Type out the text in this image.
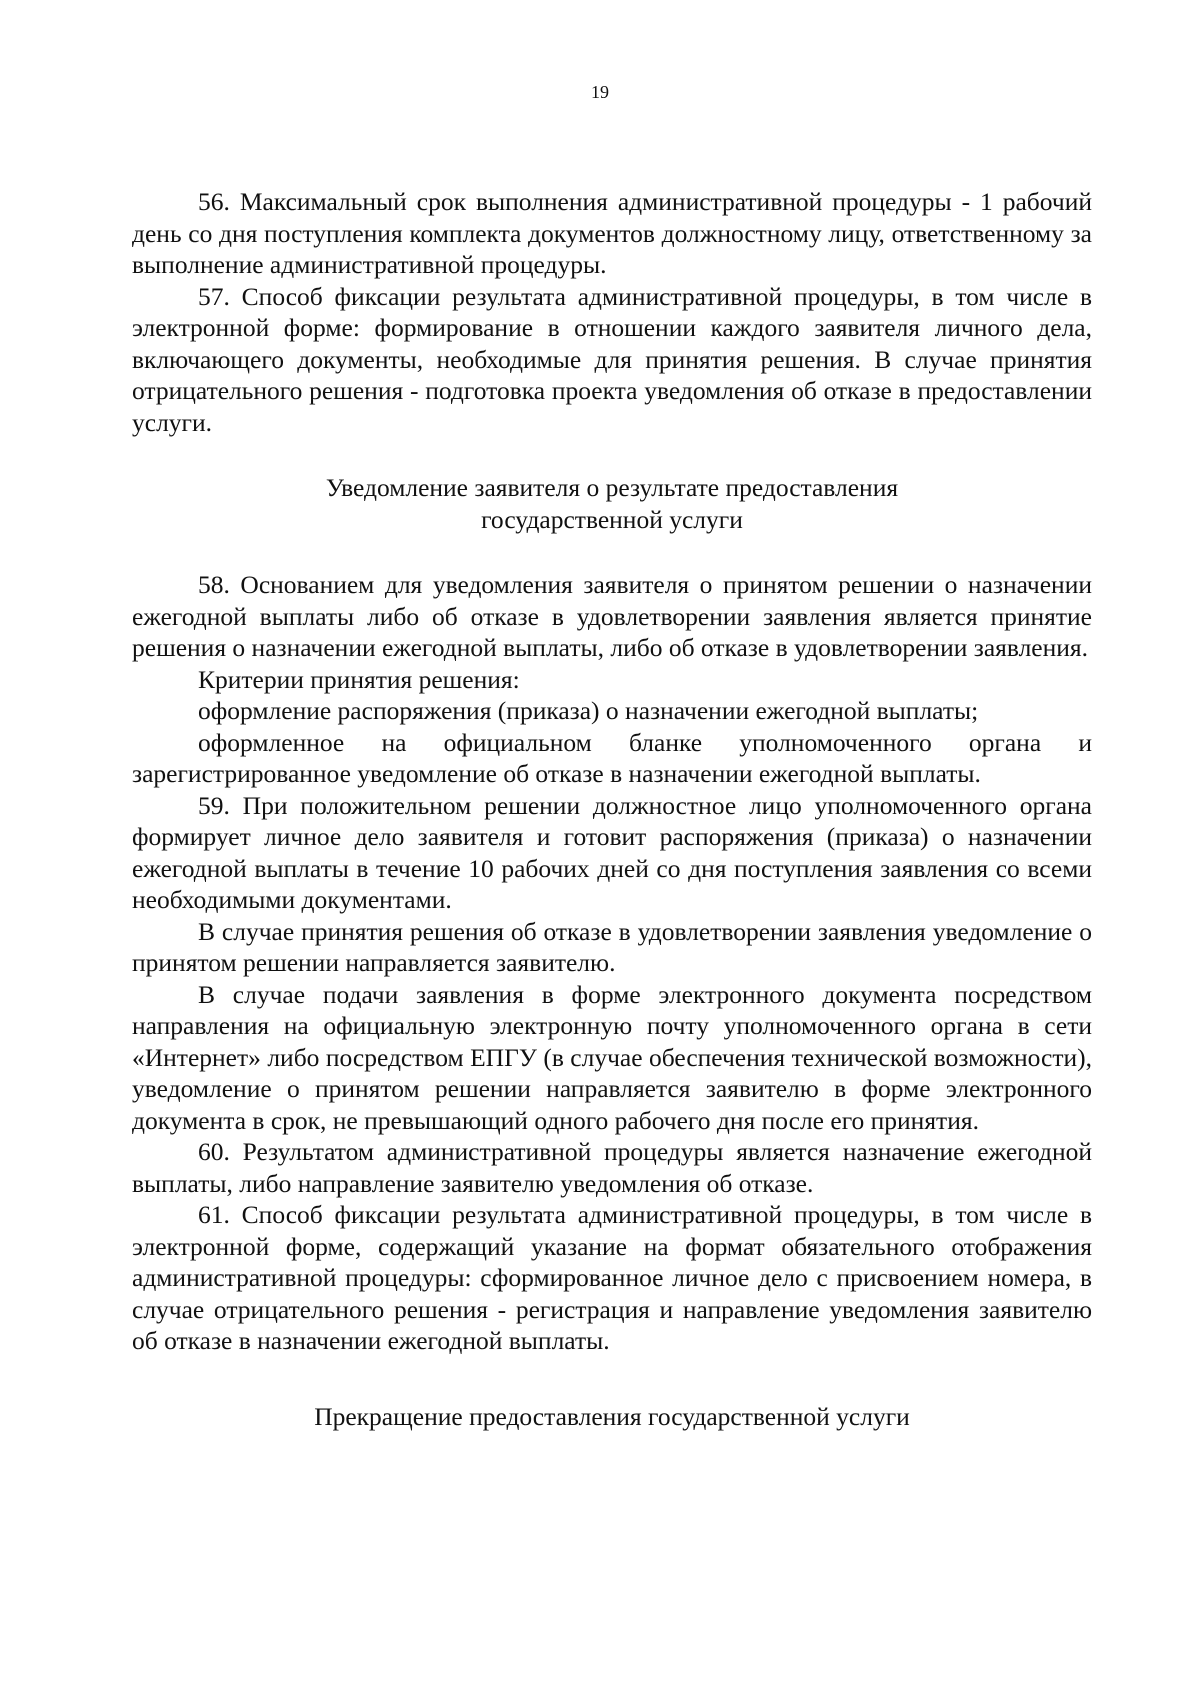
19

56. Максимальный срок выполнения административной процедуры - 1 рабочий день со дня поступления комплекта документов должностному лицу, ответственному за выполнение административной процедуры.

57. Способ фиксации результата административной процедуры, в том числе в электронной форме: формирование в отношении каждого заявителя личного дела, включающего документы, необходимые для принятия решения. В случае принятия отрицательного решения - подготовка проекта уведомления об отказе в предоставлении услуги.

Уведомление заявителя о результате предоставления
государственной услуги

58. Основанием для уведомления заявителя о принятом решении о назначении ежегодной выплаты либо об отказе в удовлетворении заявления является принятие решения о назначении ежегодной выплаты, либо об отказе в удовлетворении заявления.

Критерии принятия решения:

оформление распоряжения (приказа) о назначении ежегодной выплаты;

оформленное на официальном бланке уполномоченного органа и зарегистрированное уведомление об отказе в назначении ежегодной выплаты.

59. При положительном решении должностное лицо уполномоченного органа формирует личное дело заявителя и готовит распоряжения (приказа) о назначении ежегодной выплаты в течение 10 рабочих дней со дня поступления заявления со всеми необходимыми документами.

В случае принятия решения об отказе в удовлетворении заявления уведомление о принятом решении направляется заявителю.

В случае подачи заявления в форме электронного документа посредством направления на официальную электронную почту уполномоченного органа в сети «Интернет» либо посредством ЕПГУ (в случае обеспечения технической возможности), уведомление о принятом решении направляется заявителю в форме электронного документа в срок, не превышающий одного рабочего дня после его принятия.

60. Результатом административной процедуры является назначение ежегодной выплаты, либо направление заявителю уведомления об отказе.

61. Способ фиксации результата административной процедуры, в том числе в электронной форме, содержащий указание на формат обязательного отображения административной процедуры: сформированное личное дело с присвоением номера, в случае отрицательного решения - регистрация и направление уведомления заявителю об отказе в назначении ежегодной выплаты.

Прекращение предоставления государственной услуги
